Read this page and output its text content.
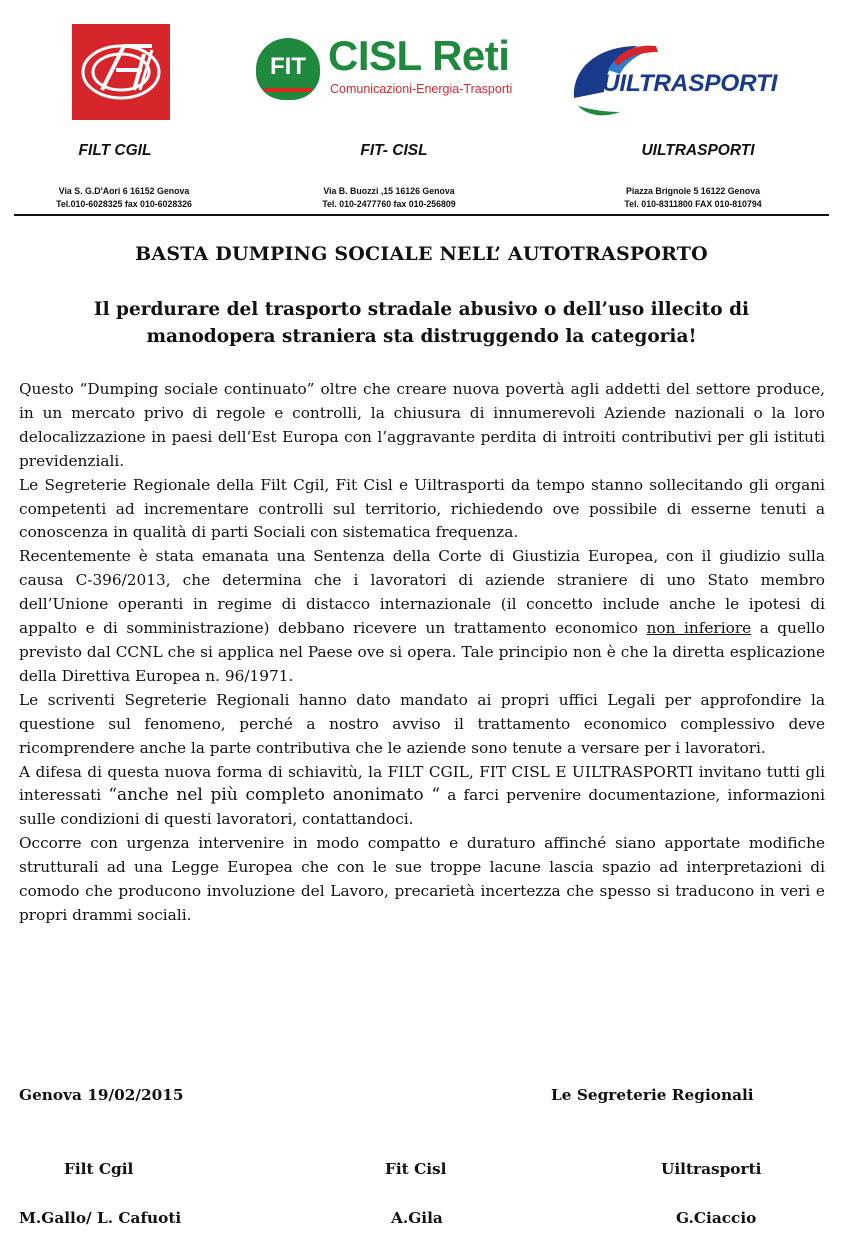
FIT CISL Reti
Comunicazioni-Energia-Trasporti	UILTRASPORTI
FILT CGIL	FIT- CISL	UILTRASPORTI
Via S. G.D'Aori 6 16152 Genova
Tel.010-6028325 fax 010-6028326
Via B. Buozzi ,15 16126 Genova
Tel. 010-2477760 fax 010-256809
Piazza Brignole 5 16122 Genova
Tel. 010-8311800 FAX 010-810794
BASTA DUMPING SOCIALE NELL’ AUTOTRASPORTO
Il perdurare del trasporto stradale abusivo o dell’uso illecito di manodopera straniera sta distruggendo la categoria!

Questo “Dumping sociale continuato” oltre che creare nuova povertà agli addetti del settore produce, in un mercato privo di regole e controlli, la chiusura di innumerevoli Aziende nazionali o la loro delocalizzazione in paesi dell’Est Europa con l’aggravante perdita di introiti contributivi per gli istituti previdenziali.

Le Segreterie Regionale della Filt Cgil, Fit Cisl e Uiltrasporti da tempo stanno sollecitando gli organi competenti ad incrementare controlli sul territorio, richiedendo ove possibile di esserne tenuti a conoscenza in qualità di parti Sociali con sistematica frequenza.

Recentemente è stata emanata una Sentenza della Corte di Giustizia Europea, con il giudizio sulla causa C-396/2013, che determina che i lavoratori di aziende straniere di uno Stato membro dell’Unione operanti in regime di distacco internazionale (il concetto include anche le ipotesi di appalto e di somministrazione) debbano ricevere un trattamento economico non inferiore a quello previsto dal CCNL che si applica nel Paese ove si opera. Tale principio non è che la diretta esplicazione della Direttiva Europea n. 96/1971.

Le scriventi Segreterie Regionali hanno dato mandato ai propri uffici Legali per approfondire la questione sul fenomeno, perché a nostro avviso il trattamento economico complessivo deve ricomprendere anche la parte contributiva che le aziende sono tenute a versare per i lavoratori.

A difesa di questa nuova forma di schiavitù, la FILT CGIL, FIT CISL E UILTRASPORTI invitano tutti gli interessati “anche nel più completo anonimato “ a farci pervenire documentazione, informazioni sulle condizioni di questi lavoratori, contattandoci.

Occorre con urgenza intervenire in modo compatto e duraturo affinché siano apportate modifiche strutturali ad una Legge Europea che con le sue troppe lacune lascia spazio ad interpretazioni di comodo che producono involuzione del Lavoro, precarietà incertezza che spesso si traducono in veri e propri drammi sociali.

Genova 19/02/2015	Le Segreterie Regionali
Filt Cgil	Fit Cisl	Uiltrasporti
M.Gallo/ L. Cafuoti	A.Gila	G.Ciaccio
